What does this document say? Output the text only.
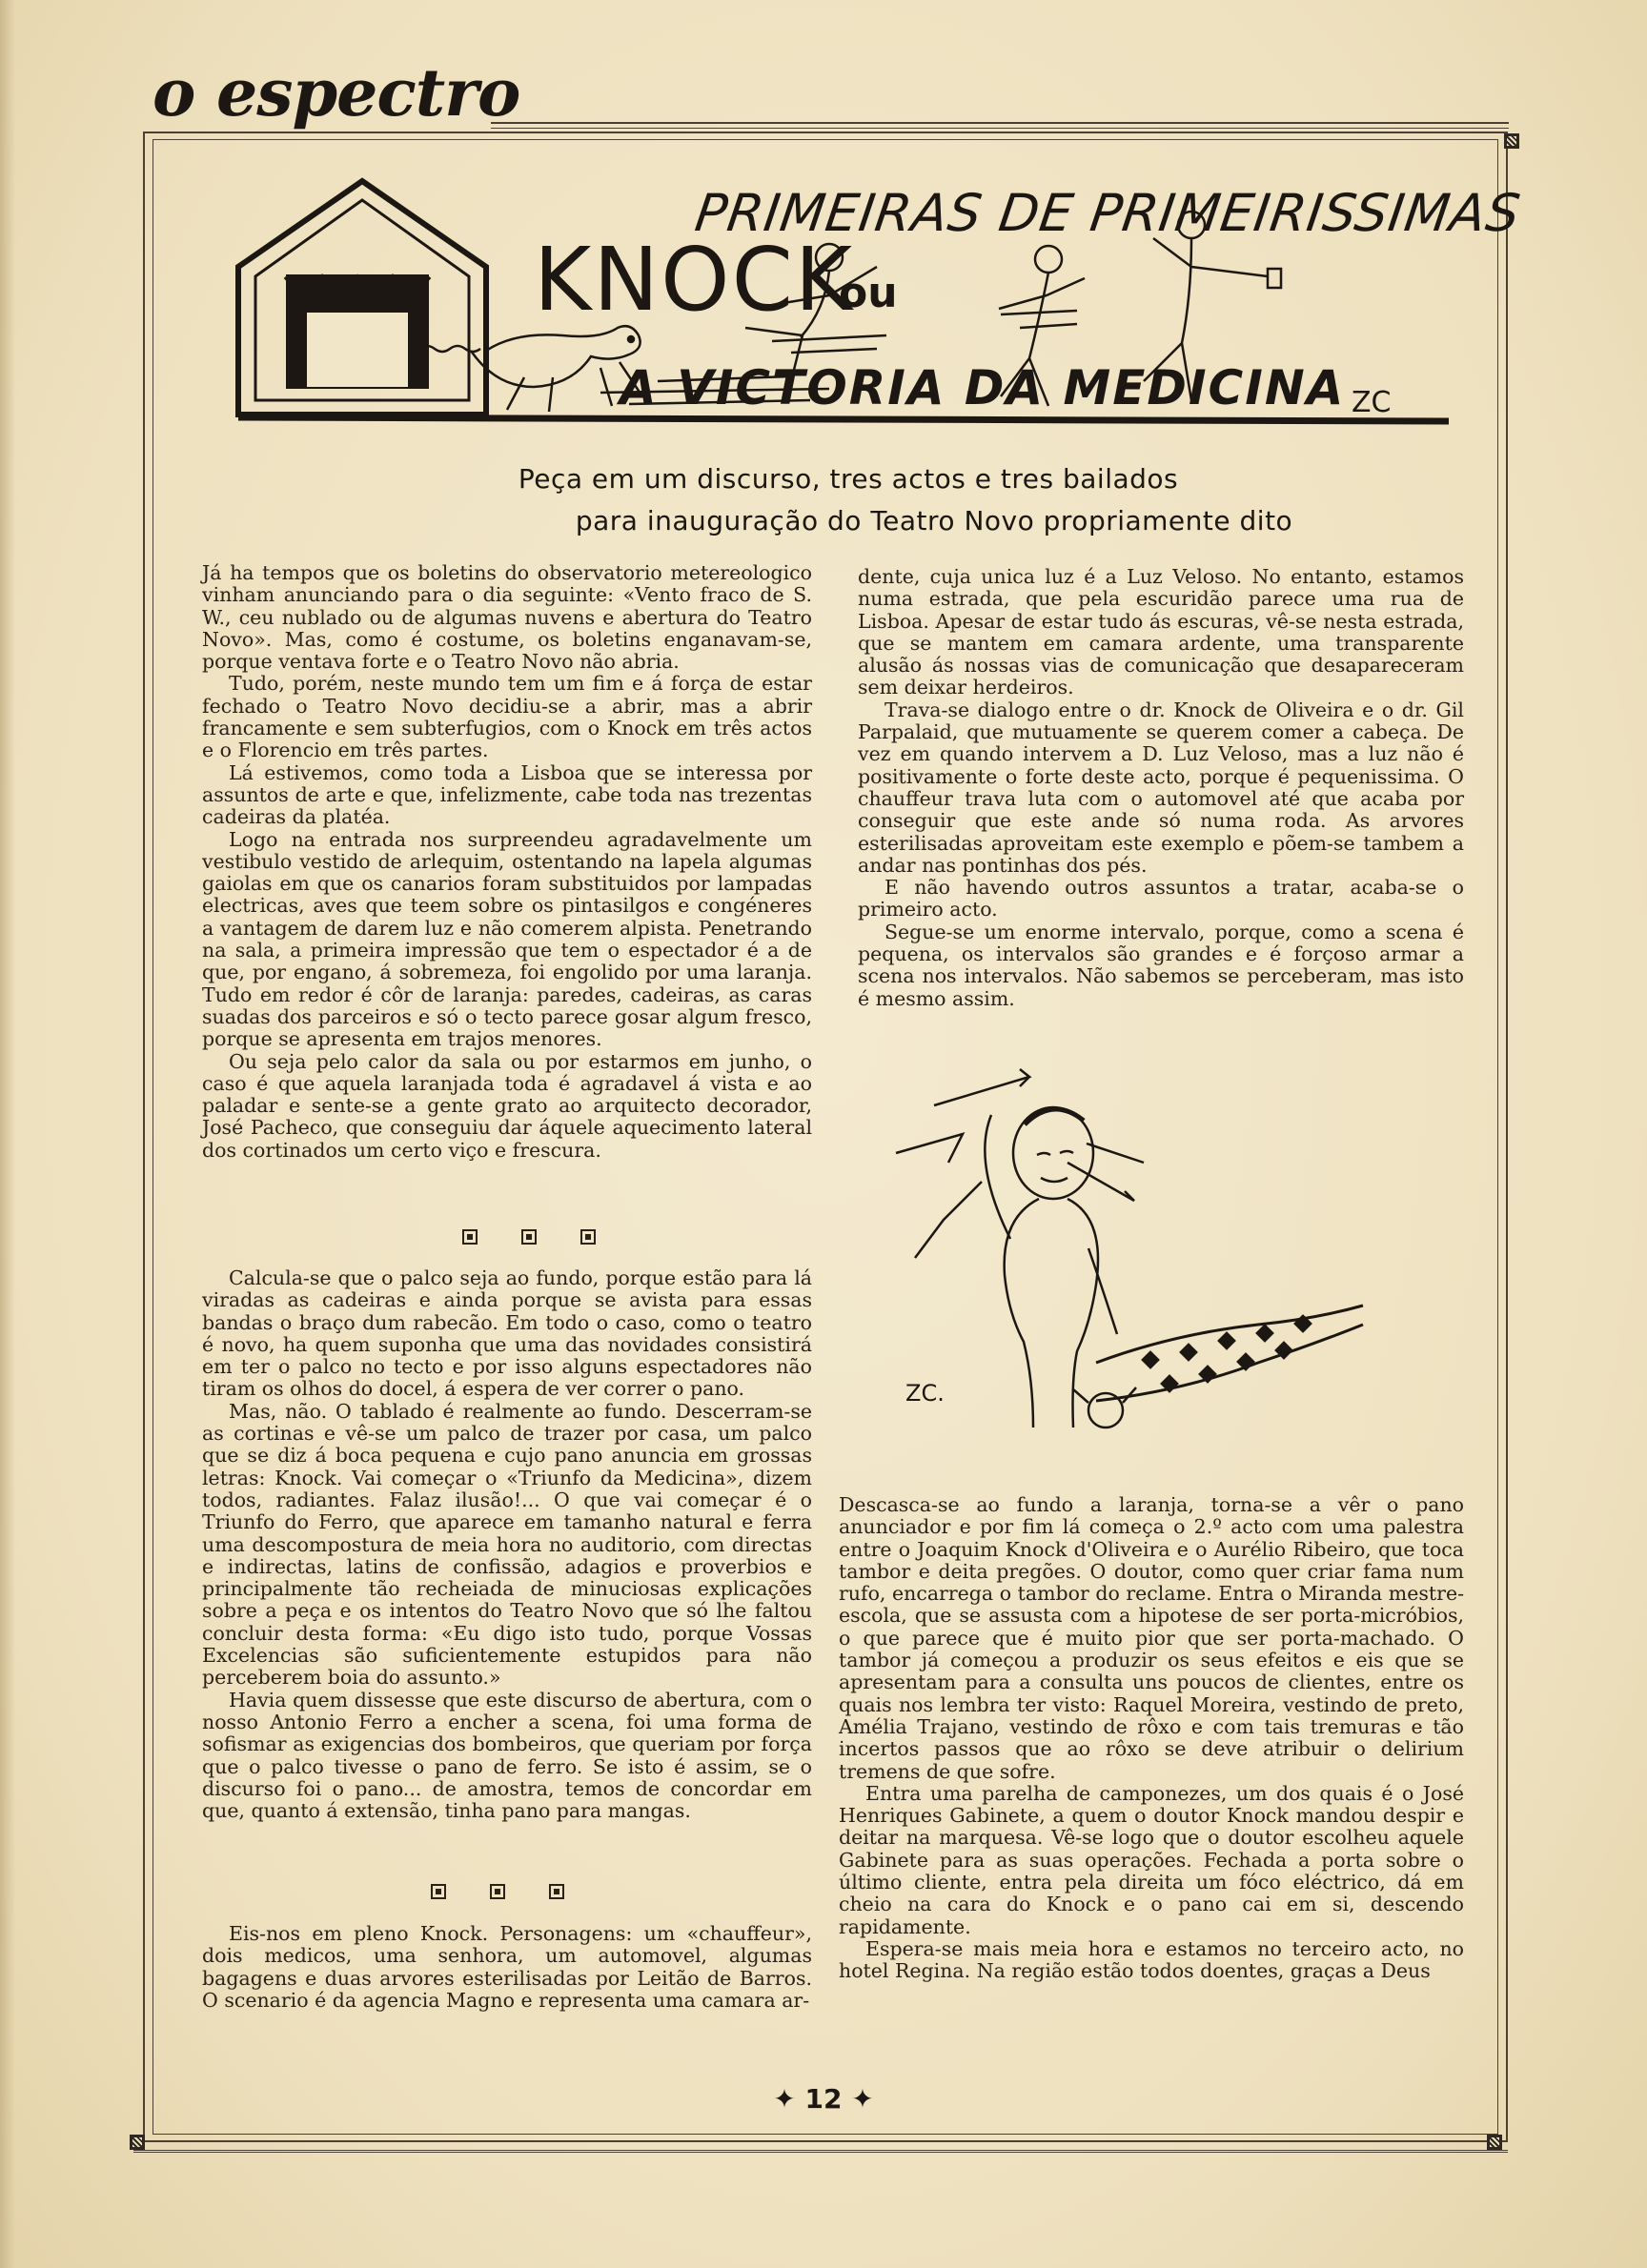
o espectro
ZC
PRIMEIRAS DE PRIMEIRISSIMAS
KNOCK
ou
A VICTORIA DA MEDICINA
Peça em um discurso, tres actos e tres bailados
para inauguração do Teatro Novo propriamente dito

Já ha tempos que os boletins do observatorio metereologico vinham anunciando para o dia seguinte: «Vento fraco de S. W., ceu nublado ou de algumas nuvens e abertura do Teatro Novo». Mas, como é costume, os boletins enganavam-se, porque ventava forte e o Teatro Novo não abria.

Tudo, porém, neste mundo tem um fim e á força de estar fechado o Teatro Novo decidiu-se a abrir, mas a abrir francamente e sem subterfugios, com o Knock em três actos e o Florencio em três partes.

Lá estivemos, como toda a Lisboa que se interessa por assuntos de arte e que, infelizmente, cabe toda nas trezentas cadeiras da platéa.

Logo na entrada nos surpreendeu agradavelmente um vestibulo vestido de arlequim, ostentando na lapela algumas gaiolas em que os canarios foram substituidos por lampadas electricas, aves que teem sobre os pintasilgos e congéneres a vantagem de darem luz e não comerem alpista. Penetrando na sala, a primeira impressão que tem o espectador é a de que, por engano, á sobremeza, foi engolido por uma laranja. Tudo em redor é côr de laranja: paredes, cadeiras, as caras suadas dos parceiros e só o tecto parece gosar algum fresco, porque se apresenta em trajos menores.

Ou seja pelo calor da sala ou por estarmos em junho, o caso é que aquela laranjada toda é agradavel á vista e ao paladar e sente-se a gente grato ao arquitecto decorador, José Pacheco, que conseguiu dar áquele aquecimento lateral dos cortinados um certo viço e frescura.

Calcula-se que o palco seja ao fundo, porque estão para lá viradas as cadeiras e ainda porque se avista para essas bandas o braço dum rabecão. Em todo o caso, como o teatro é novo, ha quem suponha que uma das novidades consistirá em ter o palco no tecto e por isso alguns espectadores não tiram os olhos do docel, á espera de ver correr o pano.

Mas, não. O tablado é realmente ao fundo. Descerram-se as cortinas e vê-se um palco de trazer por casa, um palco que se diz á boca pequena e cujo pano anuncia em grossas letras: Knock. Vai começar o «Triunfo da Medicina», dizem todos, radiantes. Falaz ilusão!... O que vai começar é o Triunfo do Ferro, que aparece em tamanho natural e ferra uma descompostura de meia hora no auditorio, com directas e indirectas, latins de confissão, adagios e proverbios e principalmente tão recheiada de minuciosas explicações sobre a peça e os intentos do Teatro Novo que só lhe faltou concluir desta forma: «Eu digo isto tudo, porque Vossas Excelencias são suficientemente estupidos para não perceberem boia do assunto.»

Havia quem dissesse que este discurso de abertura, com o nosso Antonio Ferro a encher a scena, foi uma forma de sofismar as exigencias dos bombeiros, que queriam por força que o palco tivesse o pano de ferro. Se isto é assim, se o discurso foi o pano... de amostra, temos de concordar em que, quanto á extensão, tinha pano para mangas.

Eis-nos em pleno Knock. Personagens: um «chauffeur», dois medicos, uma senhora, um automovel, algumas bagagens e duas arvores esterilisadas por Leitão de Barros. O scenario é da agencia Magno e representa uma camara ar-

dente, cuja unica luz é a Luz Veloso. No entanto, estamos numa estrada, que pela escuridão parece uma rua de Lisboa. Apesar de estar tudo ás escuras, vê-se nesta estrada, que se mantem em camara ardente, uma transparente alusão ás nossas vias de comunicação que desapareceram sem deixar herdeiros.

Trava-se dialogo entre o dr. Knock de Oliveira e o dr. Gil Parpalaid, que mutuamente se querem comer a cabeça. De vez em quando intervem a D. Luz Veloso, mas a luz não é positivamente o forte deste acto, porque é pequenissima. O chauffeur trava luta com o automovel até que acaba por conseguir que este ande só numa roda. As arvores esterilisadas aproveitam este exemplo e põem-se tambem a andar nas pontinhas dos pés.

E não havendo outros assuntos a tratar, acaba-se o primeiro acto.

Segue-se um enorme intervalo, porque, como a scena é pequena, os intervalos são grandes e é forçoso armar a scena nos intervalos. Não sabemos se perceberam, mas isto é mesmo assim.

ZC.

Descasca-se ao fundo a laranja, torna-se a vêr o pano anunciador e por fim lá começa o 2.º acto com uma palestra entre o Joaquim Knock d'Oliveira e o Aurélio Ribeiro, que toca tambor e deita pregões. O doutor, como quer criar fama num rufo, encarrega o tambor do reclame. Entra o Miranda mestre-escola, que se assusta com a hipotese de ser porta-micróbios, o que parece que é muito pior que ser porta-machado. O tambor já começou a produzir os seus efeitos e eis que se apresentam para a consulta uns poucos de clientes, entre os quais nos lembra ter visto: Raquel Moreira, vestindo de preto, Amélia Trajano, vestindo de rôxo e com tais tremuras e tão incertos passos que ao rôxo se deve atribuir o delirium tremens de que sofre.

Entra uma parelha de camponezes, um dos quais é o José Henriques Gabinete, a quem o doutor Knock mandou despir e deitar na marquesa. Vê-se logo que o doutor escolheu aquele Gabinete para as suas operações. Fechada a porta sobre o último cliente, entra pela direita um fóco eléctrico, dá em cheio na cara do Knock e o pano cai em si, descendo rapidamente.

Espera-se mais meia hora e estamos no terceiro acto, no hotel Regina. Na região estão todos doentes, graças a Deus

✦ 12 ✦
